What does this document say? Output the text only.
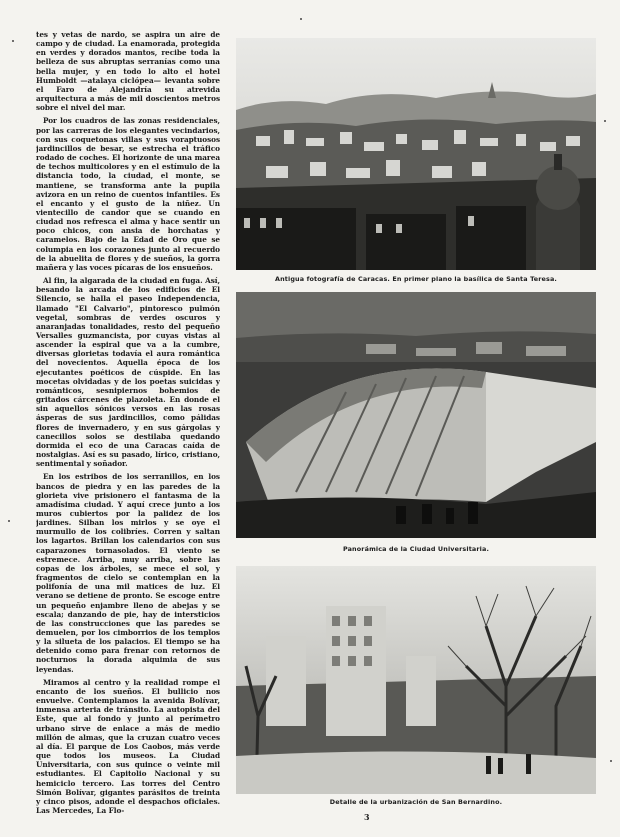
tes y vetas de nardo, se aspira un aire de campo y de ciudad. La enamorada, protegida en verdes y dorados mantos, recibe toda la belleza de sus abruptas serranías como una bella mujer, y en todo lo alto el hotel Humboldt —atalaya ciclópea— levanta sobre el Faro de Alejandría su atrevida arquitectura a más de mil doscientos metros sobre el nivel del mar.

Por los cuadros de las zonas residenciales, por las carreras de los elegantes vecindarios, con sus coquetonas villas y sus voraptuosos jardincillos de besar, se estrecha el tráfico rodado de coches. El horizonte de una marea de techos multicolores y en el estímulo de la distancia todo, la ciudad, el monte, se mantiene, se transforma ante la pupila avizora en un reino de cuentos infantiles. Es el encanto y el gusto de la niñez. Un vientecillo de candor que se cuando en ciudad nos refresca el alma y hace sentir un poco chicos, con ansia de horchatas y caramelos. Bajo de la Edad de Oro que se columpia en los corazones junto al recuerdo de la abuelita de flores y de sueños, la gorra mañera y las voces pícaras de los ensueños.

Al fin, la algarada de la ciudad en fuga. Así, besando la arcada de los edificios de El Silencio, se halla el paseo Independencia, llamado "El Calvario", pintoresco pulmón vegetal, sombras de verdes oscuros y anaranjadas tonalidades, resto del pequeño Versalles guzmancista, por cuyas vistas al ascender la espiral que va a la cumbre, diversas glorietas todavía el aura romántica del novecientos. Aquella época de los ejecutantes poéticos de cúspide. En las mocetas olvidadas y de los poetas suicidas y románticos, sesnipiernos bohemios de gritados cárcenes de plazoleta. En donde el sin aquellos sónicos versos en las rosas ásperas de sus jardincillos, como pálidas flores de invernadero, y en sus gárgolas y canecillos solos se destilaba quedando dormida el eco de una Caracas caída de nostalgias. Así es su pasado, lírico, cristiano, sentimental y soñador.

En los estribos de los serranillos, en los bancos de piedra y en las paredes de la glorieta vive prisionero el fantasma de la amadísima ciudad. Y aquí crece junto a los muros cubiertos por la palidez de los jardines. Silban los mirlos y se oye el murmullo de los colibríes. Corren y saltan los lagartos. Brillan los calendarios con sus caparazones tornasolados. El viento se estremece. Arriba, muy arriba, sobre las copas de los árboles, se mece el sol, y fragmentos de cielo se contemplan en la polifonía de una mil matices de luz. El verano se detiene de pronto. Se escoge entre un pequeño enjambre lleno de abejas y se escala; danzando de pie, hay de intersticios de las construcciones que las paredes se demuelen, por los cimborrios de los templos y la silueta de los palacios. El tiempo se ha detenido como para frenar con retornos de nocturnos la dorada alquimia de sus leyendas.

Miramos al centro y la realidad rompe el encanto de los sueños. El bullicio nos envuelve. Contemplamos la avenida Bolívar, inmensa arteria de tránsito. La autopista del Este, que al fondo y junto al perímetro urbano sirve de enlace a más de medio millón de almas, que la cruzan cuatro veces al día. El parque de Los Caobos, más verde que todos los museos. La Ciudad Universitaria, con sus quince o veinte mil estudiantes. El Capitolio Nacional y su hemiciclo tercero. Las torres del Centro Simón Bolívar, gigantes parásitos de treinta y cinco pisos, adonde el despachos oficiales. Las Mercedes, La Flo-

Antigua fotografía de Caracas. En primer plano la basílica de Santa Teresa.
Panorámica de la Ciudad Universitaria.
Detalle de la urbanización de San Bernardino.
3
